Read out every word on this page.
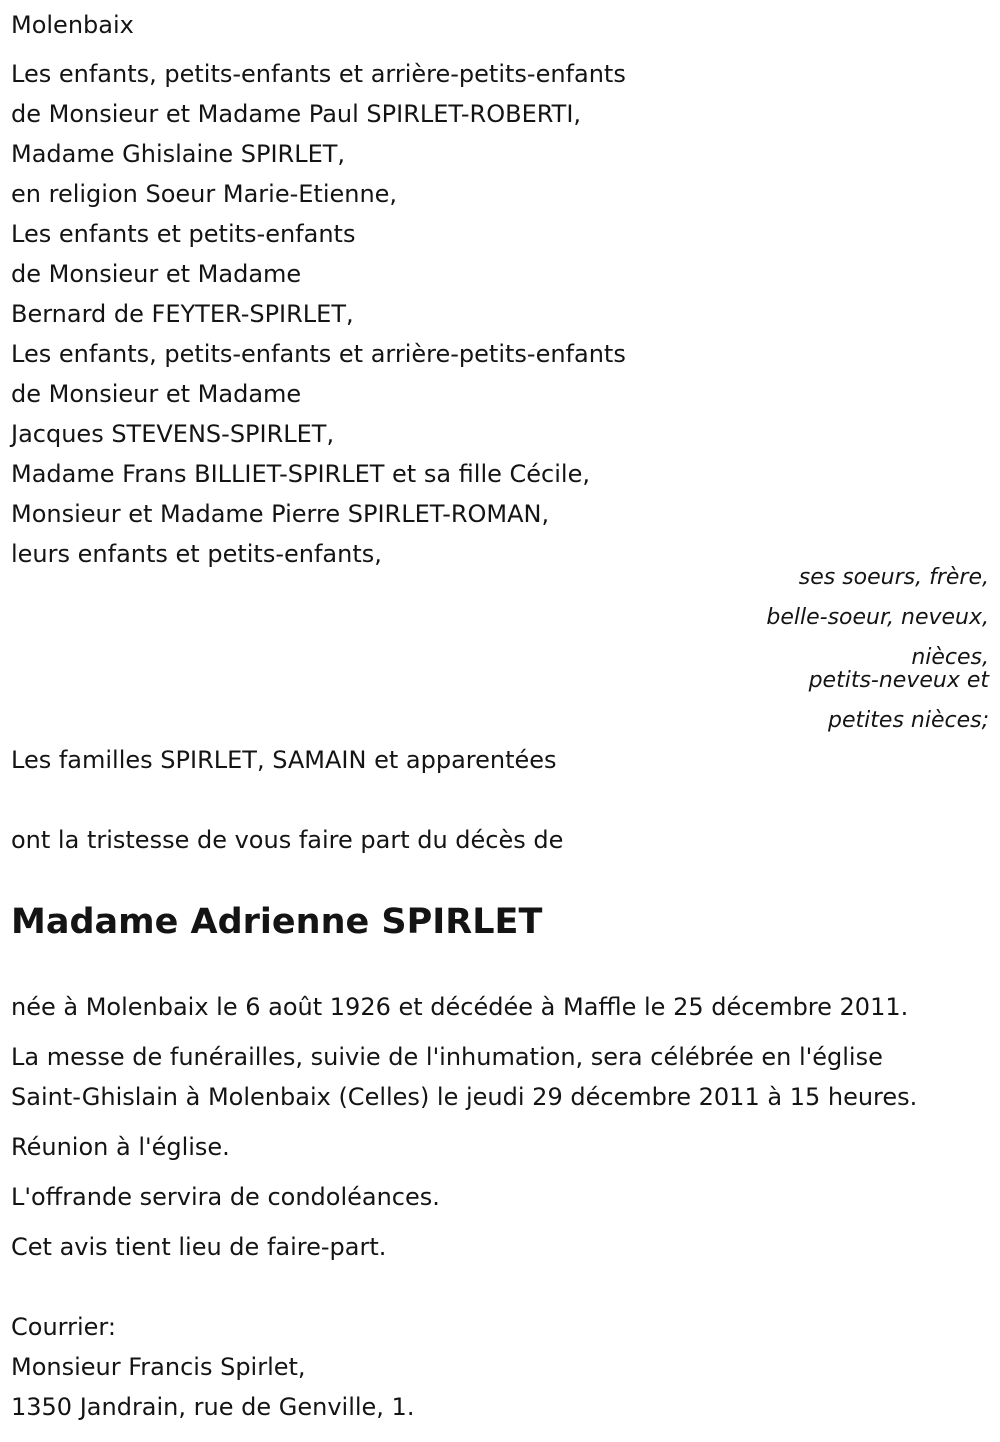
Molenbaix

Les enfants, petits-enfants et arrière-petits-enfants

de Monsieur et Madame Paul SPIRLET-ROBERTI,

Madame Ghislaine SPIRLET,

en religion Soeur Marie-Etienne,

Les enfants et petits-enfants

de Monsieur et Madame

Bernard de FEYTER-SPIRLET,

Les enfants, petits-enfants et arrière-petits-enfants

de Monsieur et Madame

Jacques STEVENS-SPIRLET,

Madame Frans BILLIET-SPIRLET et sa fille Cécile,

Monsieur et Madame Pierre SPIRLET-ROMAN,

leurs enfants et petits-enfants,

ses soeurs, frère,

belle-soeur, neveux,

nièces,

petits-neveux et

petites nièces;

Les familles SPIRLET, SAMAIN et apparentées

ont la tristesse de vous faire part du décès de

Madame Adrienne SPIRLET

née à Molenbaix le 6 août 1926 et décédée à Maffle le 25 décembre 2011.

La messe de funérailles, suivie de l'inhumation, sera célébrée en l'église

Saint-Ghislain à Molenbaix (Celles) le jeudi 29 décembre 2011 à 15 heures.

Réunion à l'église.

L'offrande servira de condoléances.

Cet avis tient lieu de faire-part.

Courrier:

Monsieur Francis Spirlet,

1350 Jandrain, rue de Genville, 1.
